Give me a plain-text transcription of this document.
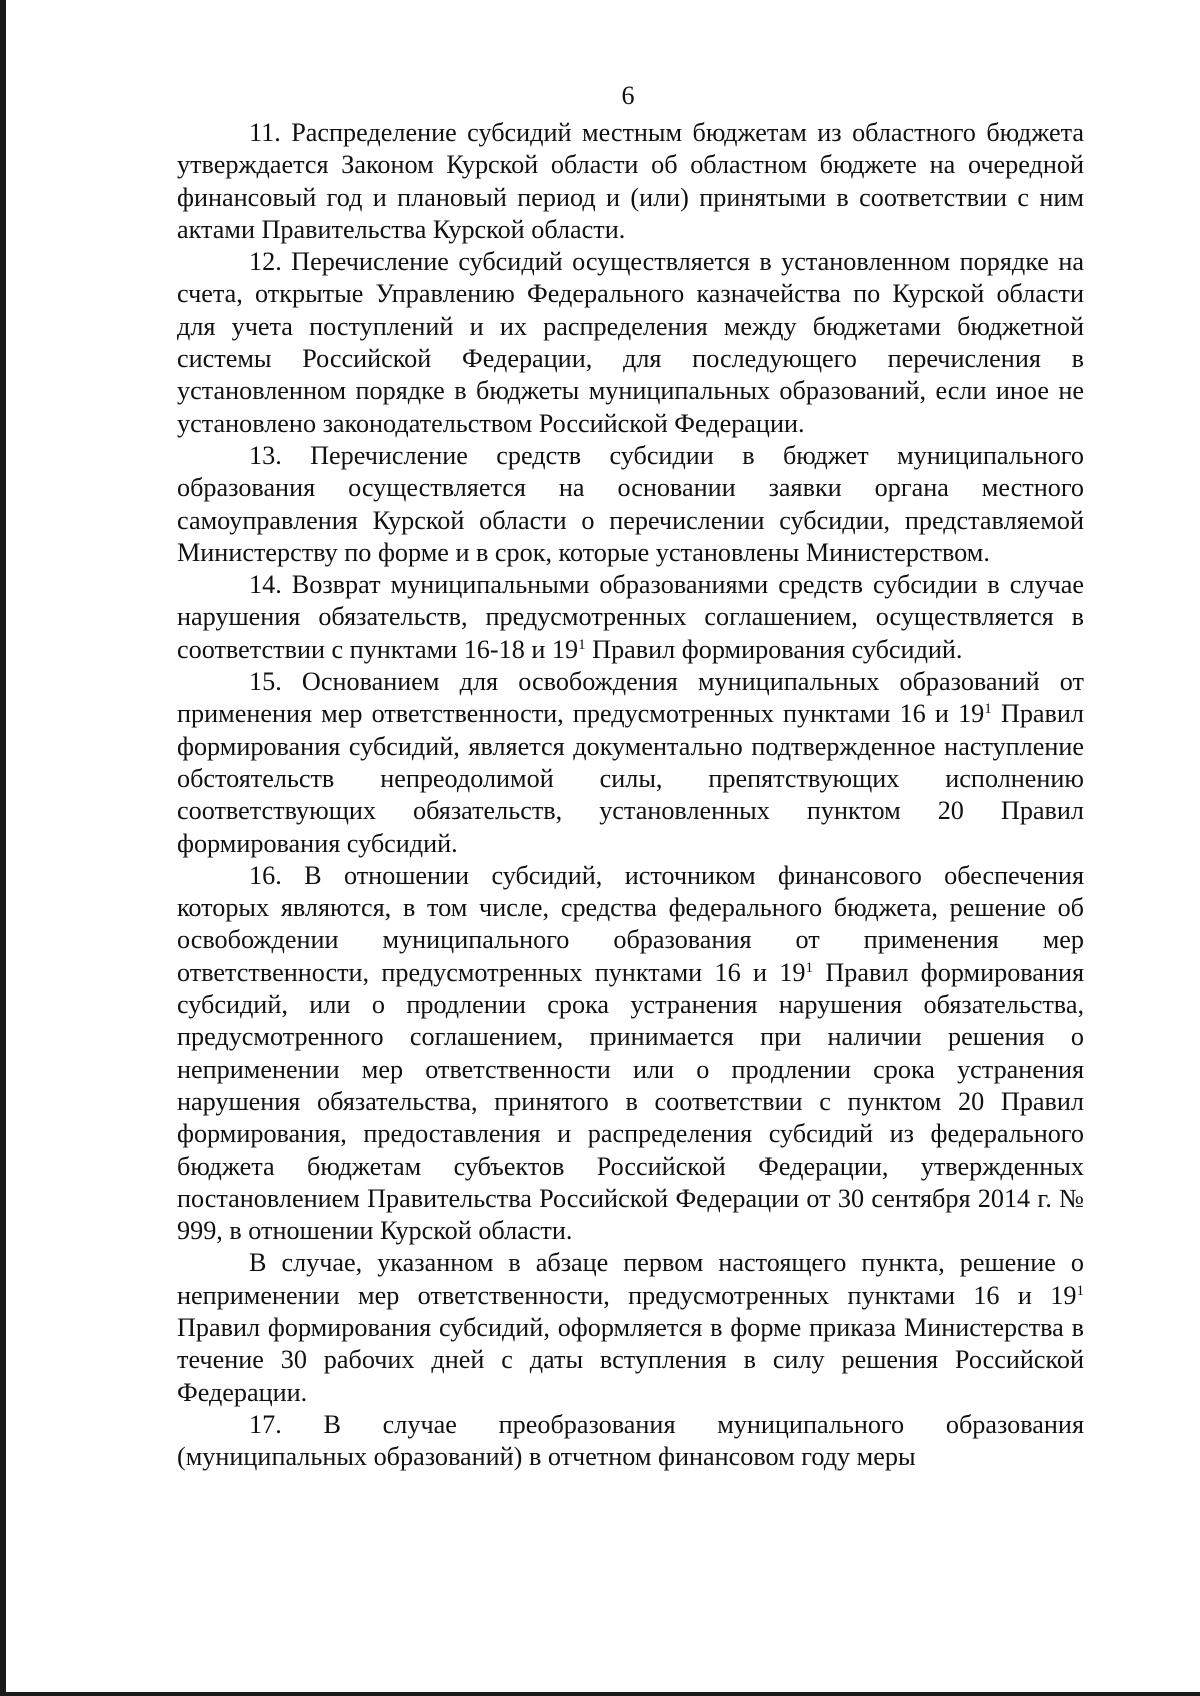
6

11. Распределение субсидий местным бюджетам из областного бюджета утверждается Законом Курской области об областном бюджете на очередной финансовый год и плановый период и (или) принятыми в соответствии с ним актами Правительства Курской области.

12. Перечисление субсидий осуществляется в установленном порядке на счета, открытые Управлению Федерального казначейства по Курской области для учета поступлений и их распределения между бюджетами бюджетной системы Российской Федерации, для последующего перечисления в установленном порядке в бюджеты муниципальных образований, если иное не установлено законодательством Российской Федерации.

13. Перечисление средств субсидии в бюджет муниципального образования осуществляется на основании заявки органа местного самоуправления Курской области о перечислении субсидии, представляемой Министерству по форме и в срок, которые установлены Министерством.

14. Возврат муниципальными образованиями средств субсидии в случае нарушения обязательств, предусмотренных соглашением, осуществляется в соответствии с пунктами 16-18 и $19^1$ Правил формирования субсидий.

15. Основанием для освобождения муниципальных образований от применения мер ответственности, предусмотренных пунктами 16 и $19^1$ Правил формирования субсидий, является документально подтвержденное наступление обстоятельств непреодолимой силы, препятствующих исполнению соответствующих обязательств, установленных пунктом 20 Правил формирования субсидий.

16. В отношении субсидий, источником финансового обеспечения которых являются, в том числе, средства федерального бюджета, решение об освобождении муниципального образования от применения мер ответственности, предусмотренных пунктами 16 и $19^1$ Правил формирования субсидий, или о продлении срока устранения нарушения обязательства, предусмотренного соглашением, принимается при наличии решения о неприменении мер ответственности или о продлении срока устранения нарушения обязательства, принятого в соответствии с пунктом 20 Правил формирования, предоставления и распределения субсидий из федерального бюджета бюджетам субъектов Российской Федерации, утвержденных постановлением Правительства Российской Федерации от 30 сентября 2014 г. № 999, в отношении Курской области.

В случае, указанном в абзаце первом настоящего пункта, решение о неприменении мер ответственности, предусмотренных пунктами 16 и $19^1$ Правил формирования субсидий, оформляется в форме приказа Министерства в течение 30 рабочих дней с даты вступления в силу решения Российской Федерации.

17. В случае преобразования муниципального образования (муниципальных образований) в отчетном финансовом году меры
